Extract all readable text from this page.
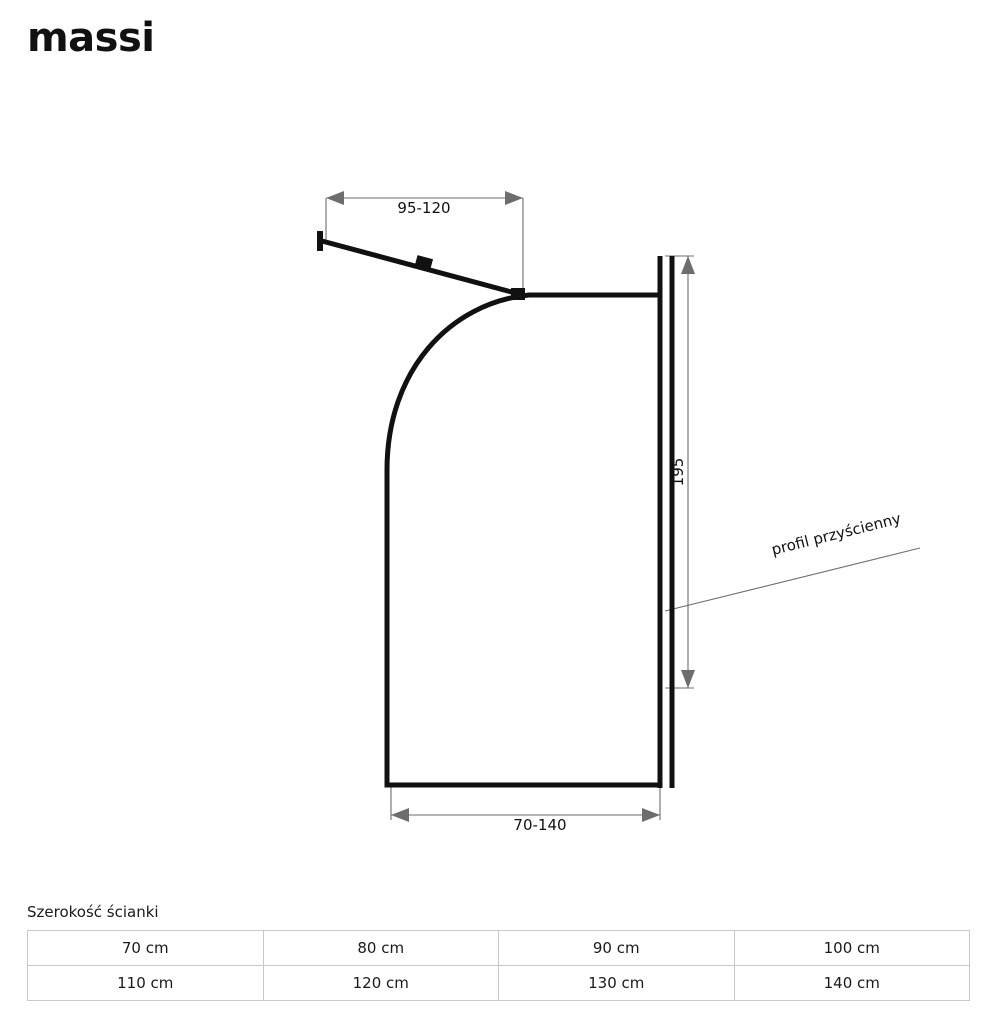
massi
95-120
195
70-140
profil przyścienny
Szerokość ścianki
70 cm	80 cm	90 cm	100 cm
110 cm	120 cm	130 cm	140 cm
